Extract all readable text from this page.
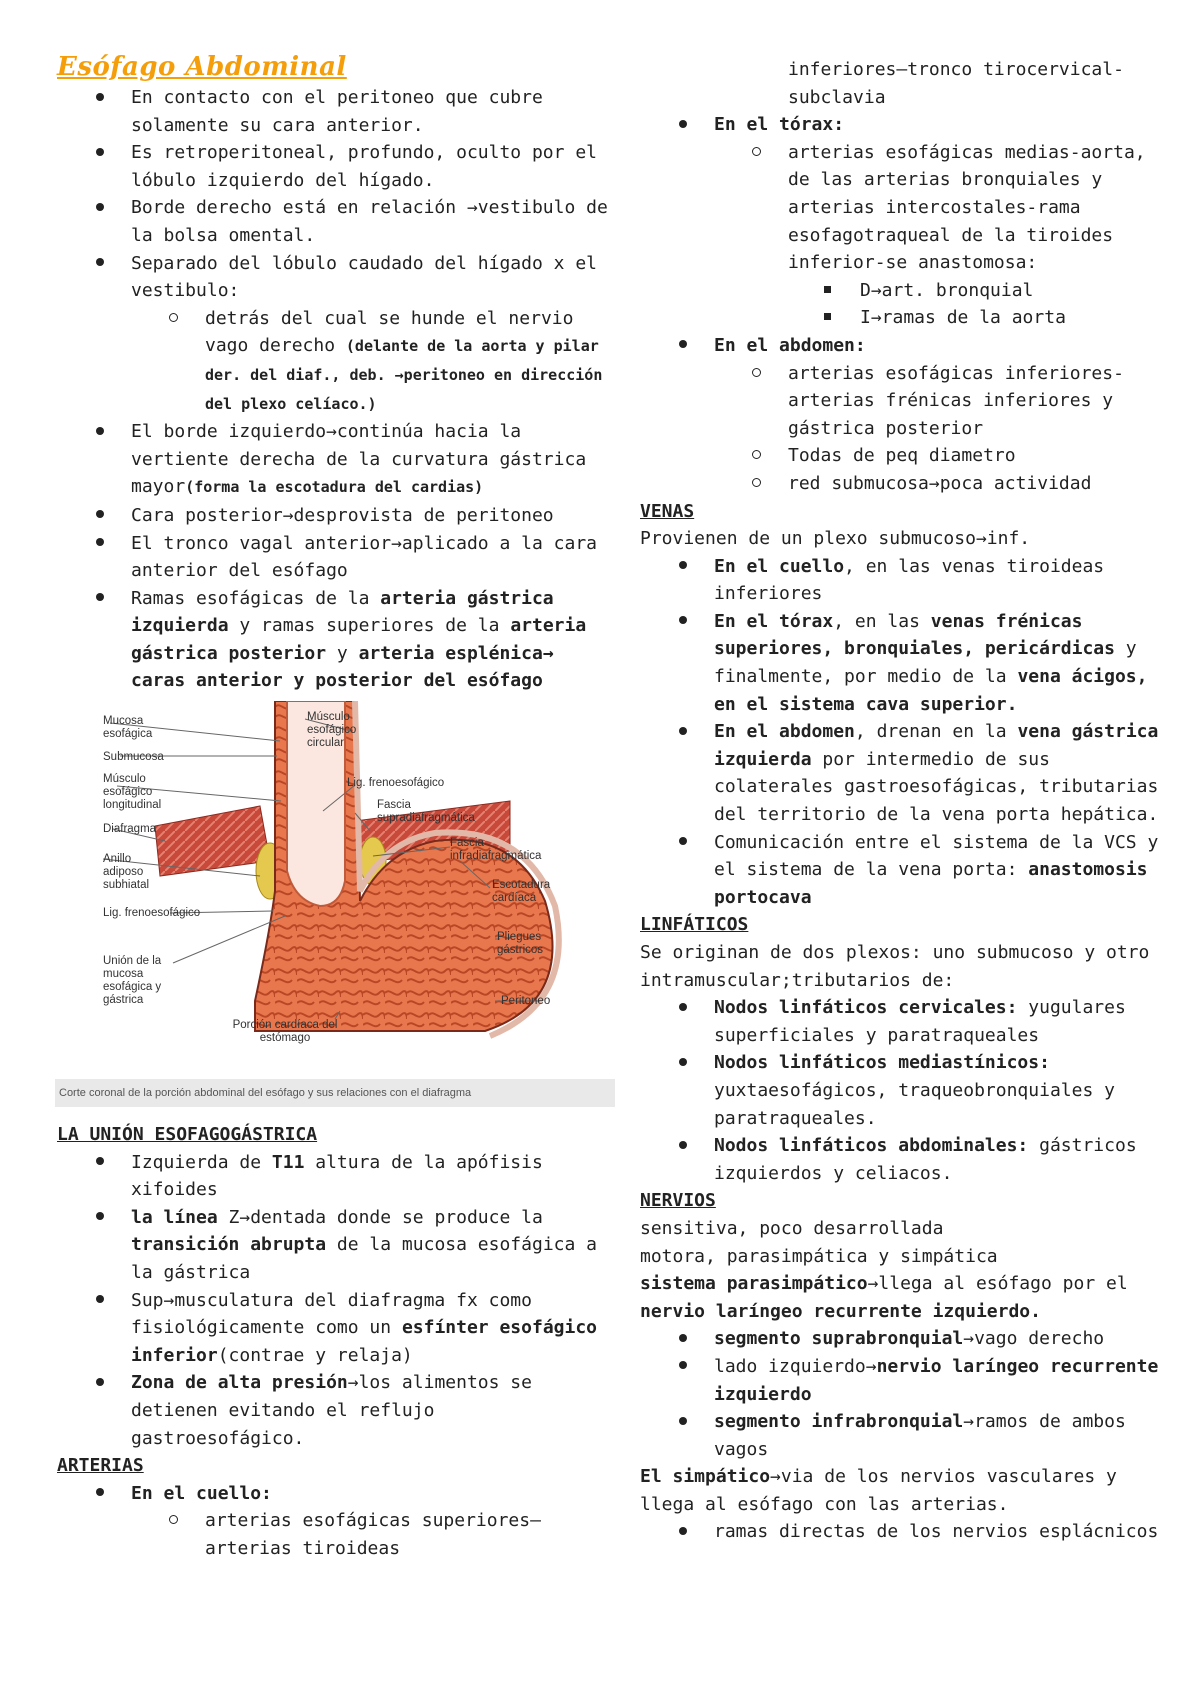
Esófago Abdominal
En contacto con el peritoneo que cubre solamente su cara anterior.
Es retroperitoneal, profundo, oculto por el lóbulo izquierdo del hígado.
Borde derecho está en relación →vestibulo de la bolsa omental.
Separado del lóbulo caudado del hígado x el vestibulo:
detrás del cual se hunde el nervio vago derecho (delante de la aorta y pilar der. del diaf., deb. →peritoneo en dirección del plexo celíaco.)
El borde izquierdo→continúa hacia la vertiente derecha de la curvatura gástrica mayor(forma la escotadura del cardias)
Cara posterior→desprovista de peritoneo
El tronco vagal anterior→aplicado a la cara anterior del esófago
Ramas esofágicas de la arteria gástrica izquierda y ramas superiores de la arteria gástrica posterior y arteria esplénica→ caras anterior y posterior del esófago
Mucosa esofágica
Submucosa
Músculo esofágico longitudinal
Diafragma
Anillo adiposo subhiatal
Lig. frenoesofágico
Unión de la mucosa esofágica y gástrica
Porción cardíaca del estómago
Músculo esofágico circular
Lig. frenoesofágico
Fascia supradiafragmática
Fascia infradiafragmática
Escotadura cardíaca
Pliegues gástricos
Peritoneo
Corte coronal de la porción abdominal del esófago y sus relaciones con el diafragma
LA UNIÓN ESOFAGOGÁSTRICA
Izquierda de T11 altura de la apófisis xifoides
la línea Z→dentada donde se produce la transición abrupta de la mucosa esofágica a la gástrica
Sup→musculatura del diafragma fx como fisiológicamente como un esfínter esofágico inferior(contrae y relaja)
Zona de alta presión→los alimentos se detienen evitando el reflujo gastroesofágico.
ARTERIAS
En el cuello:
arterias esofágicas superiores—arterias tiroideas
inferiores—tronco tirocervical-subclavia
En el tórax:
arterias esofágicas medias-aorta, de las arterias bronquiales y arterias intercostales-rama esofagotraqueal de la tiroides inferior-se anastomosa:
D→art. bronquial
I→ramas de la aorta
En el abdomen:
arterias esofágicas inferiores-arterias frénicas inferiores y gástrica posterior
Todas de peq diametro
red submucosa→poca actividad
VENAS
Provienen de un plexo submucoso→inf.
En el cuello, en las venas tiroideas inferiores
En el tórax, en las venas frénicas superiores, bronquiales, pericárdicas y finalmente, por medio de la vena ácigos, en el sistema cava superior.
En el abdomen, drenan en la vena gástrica izquierda por intermedio de sus colaterales gastroesofágicas, tributarias del territorio de la vena porta hepática.
Comunicación entre el sistema de la VCS y el sistema de la vena porta: anastomosis portocava
LINFÁTICOS
Se originan de dos plexos: uno submucoso y otro intramuscular;tributarios de:
Nodos linfáticos cervicales: yugulares superficiales y paratraqueales
Nodos linfáticos mediastínicos: yuxtaesofágicos, traqueobronquiales y paratraqueales.
Nodos linfáticos abdominales: gástricos izquierdos y celiacos.
NERVIOS
sensitiva, poco desarrollada
motora, parasimpática y simpática
sistema parasimpático→llega al esófago por el nervio laríngeo recurrente izquierdo.
segmento suprabronquial→vago derecho
lado izquierdo→nervio laríngeo recurrente izquierdo
segmento infrabronquial→ramos de ambos vagos
El simpático→via de los nervios vasculares y llega al esófago con las arterias.
ramas directas de los nervios esplácnicos
